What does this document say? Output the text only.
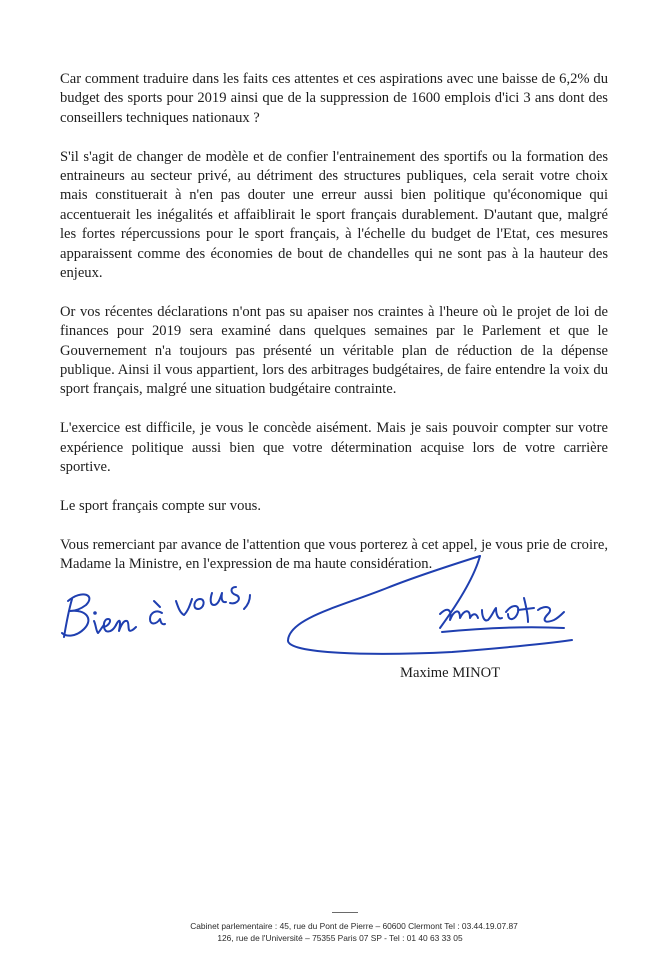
Car comment traduire dans les faits ces attentes et ces aspirations avec une baisse de 6,2% du budget des sports pour 2019 ainsi que de la suppression de 1600 emplois d'ici 3 ans dont des conseillers techniques nationaux ?

S'il s'agit de changer de modèle et de confier l'entrainement des sportifs ou la formation des entraineurs au secteur privé, au détriment des structures publiques, cela serait votre choix mais constituerait à n'en pas douter une erreur aussi bien politique qu'économique qui accentuerait les inégalités et affaiblirait le sport français durablement. D'autant que, malgré les fortes répercussions pour le sport français, à l'échelle du budget de l'Etat, ces mesures apparaissent comme des économies de bout de chandelles qui ne sont pas à la hauteur des enjeux.

Or vos récentes déclarations n'ont pas su apaiser nos craintes à l'heure où le projet de loi de finances pour 2019 sera examiné dans quelques semaines par le Parlement et que le Gouvernement n'a toujours pas présenté un véritable plan de réduction de la dépense publique. Ainsi il vous appartient, lors des arbitrages budgétaires, de faire entendre la voix du sport français, malgré une situation budgétaire contrainte.

L'exercice est difficile, je vous le concède aisément. Mais je sais pouvoir compter sur votre expérience politique aussi bien que votre détermination acquise lors de votre carrière sportive.

Le sport français compte sur vous.

Vous remerciant par avance de l'attention que vous porterez à cet appel, je vous prie de croire, Madame la Ministre, en l'expression de ma haute considération.

Maxime MINOT
Cabinet parlementaire : 45, rue du Pont de Pierre – 60600 Clermont Tel : 03.44.19.07.87
126, rue de l'Université – 75355 Paris 07 SP - Tel : 01 40 63 33 05
